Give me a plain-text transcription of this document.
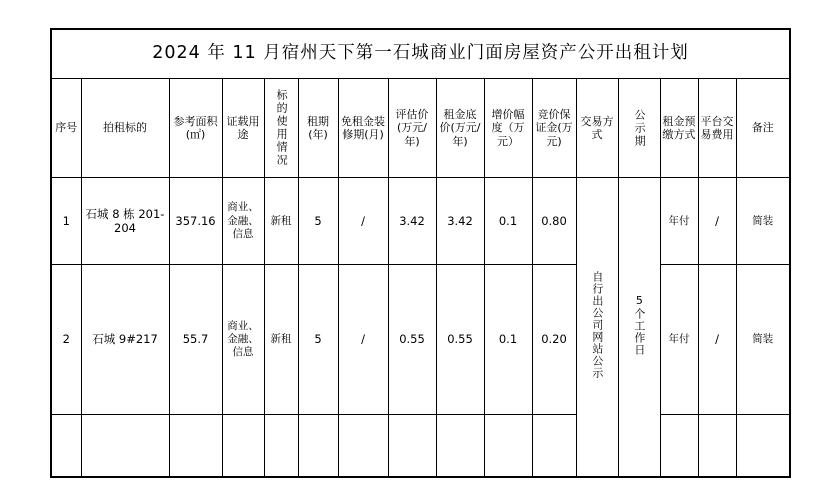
2024 年 11 月宿州天下第一石城商业门面房屋资产公开出租计划															
序号	拍租标的	参考面积(㎡)	证载用途	标的使用情况	租期(年)	免租金装修期(月)	评估价(万元/年)	租金底价(万元/年)	增价幅度（万元）	竞价保证金(万元)	交易方式	公示期	租金预缴方式	平台交易费用	备注
1	石城 8 栋 201-204	357.16	商业、金融、信息	新租	5	/	3.42	3.42	0.1	0.80	自行出公司网站公示	5个工作日	年付	/	简装
2	石城 9#217	55.7	商业、金融、信息	新租	5	/	0.55	0.55	0.1	0.20			年付	/	简装
